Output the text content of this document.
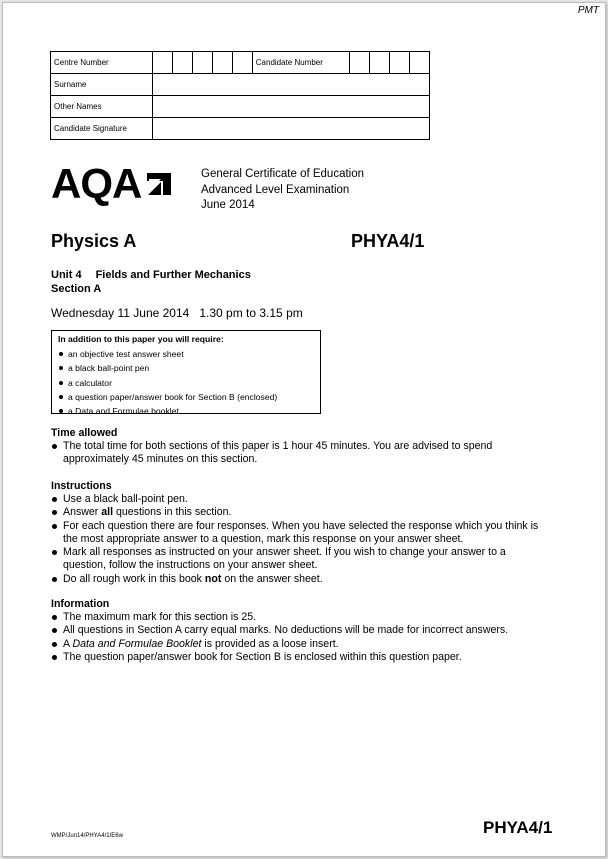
PMT
Centre Number						Candidate Number				
Surname										
Other Names										
Candidate Signature										
AQA	General Certificate of Education
Advanced Level Examination
June 2014
Physics A	PHYA4/1
Unit 4 Fields and Further Mechanics
Section A
Wednesday 11 June 2014 1.30 pm to 3.15 pm
In addition to this paper you will require:
an objective test answer sheet
a black ball-point pen
a calculator
a question paper/answer book for Section B (enclosed)
a Data and Formulae booklet.
Time allowed
The total time for both sections of this paper is 1 hour 45 minutes. You are advised to spend approximately 45 minutes on this section.
Instructions
Use a black ball-point pen.
Answer all questions in this section.
For each question there are four responses. When you have selected the response which you think is the most appropriate answer to a question, mark this response on your answer sheet.
Mark all responses as instructed on your answer sheet. If you wish to change your answer to a question, follow the instructions on your answer sheet.
Do all rough work in this book not on the answer sheet.
Information
The maximum mark for this section is 25.
All questions in Section A carry equal marks. No deductions will be made for incorrect answers.
A Data and Formulae Booklet is provided as a loose insert.
The question paper/answer book for Section B is enclosed within this question paper.
WMP/Jun14/PHYA4/1/E6w	PHYA4/1
